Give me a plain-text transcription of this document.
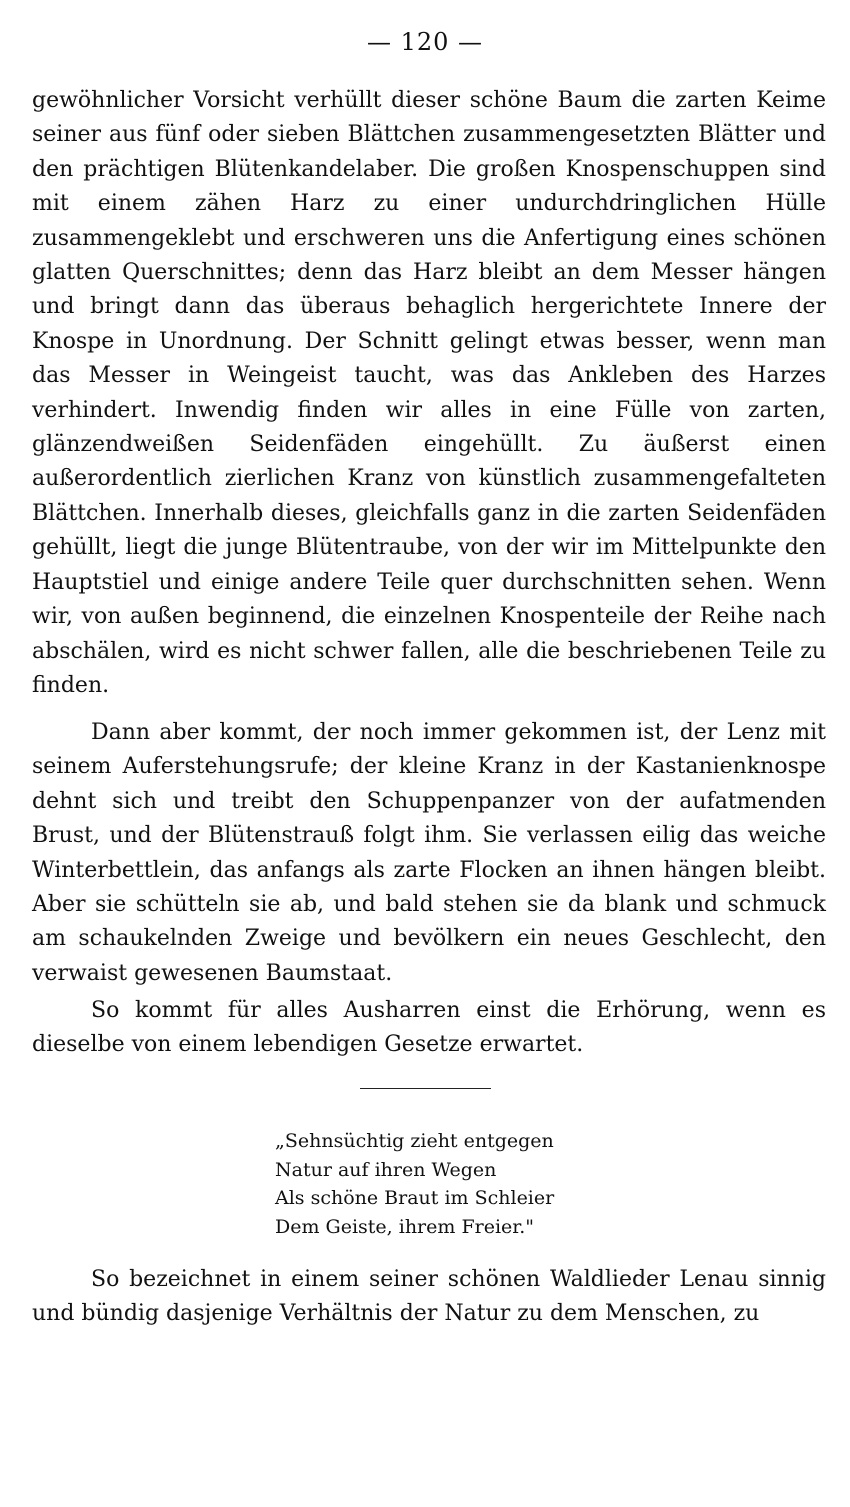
— 120 —

gewöhnlicher Vorsicht verhüllt dieser schöne Baum die zarten Keime seiner aus fünf oder sieben Blättchen zusammengesetzten Blätter und den prächtigen Blütenkandelaber. Die großen Knospenschuppen sind mit einem zähen Harz zu einer undurchdringlichen Hülle zusammengeklebt und erschweren uns die Anfertigung eines schönen glatten Querschnittes; denn das Harz bleibt an dem Messer hängen und bringt dann das überaus behaglich hergerichtete Innere der Knospe in Unordnung. Der Schnitt gelingt etwas besser, wenn man das Messer in Weingeist taucht, was das Ankleben des Harzes verhindert. Inwendig finden wir alles in eine Fülle von zarten, glänzendweißen Seidenfäden eingehüllt. Zu äußerst einen außerordentlich zierlichen Kranz von künstlich zusammengefalteten Blättchen. Innerhalb dieses, gleichfalls ganz in die zarten Seidenfäden gehüllt, liegt die junge Blütentraube, von der wir im Mittelpunkte den Hauptstiel und einige andere Teile quer durchschnitten sehen. Wenn wir, von außen beginnend, die einzelnen Knospenteile der Reihe nach abschälen, wird es nicht schwer fallen, alle die beschriebenen Teile zu finden.

Dann aber kommt, der noch immer gekommen ist, der Lenz mit seinem Auferstehungsrufe; der kleine Kranz in der Kastanienknospe dehnt sich und treibt den Schuppenpanzer von der aufatmenden Brust, und der Blütenstrauß folgt ihm. Sie verlassen eilig das weiche Winterbettlein, das anfangs als zarte Flocken an ihnen hängen bleibt. Aber sie schütteln sie ab, und bald stehen sie da blank und schmuck am schaukelnden Zweige und bevölkern ein neues Geschlecht, den verwaist gewesenen Baumstaat.

So kommt für alles Ausharren einst die Erhörung, wenn es dieselbe von einem lebendigen Gesetze erwartet.

„Sehnsüchtig zieht entgegen
Natur auf ihren Wegen
Als schöne Braut im Schleier
Dem Geiste, ihrem Freier."

So bezeichnet in einem seiner schönen Waldlieder Lenau sinnig und bündig dasjenige Verhältnis der Natur zu dem Menschen, zu
